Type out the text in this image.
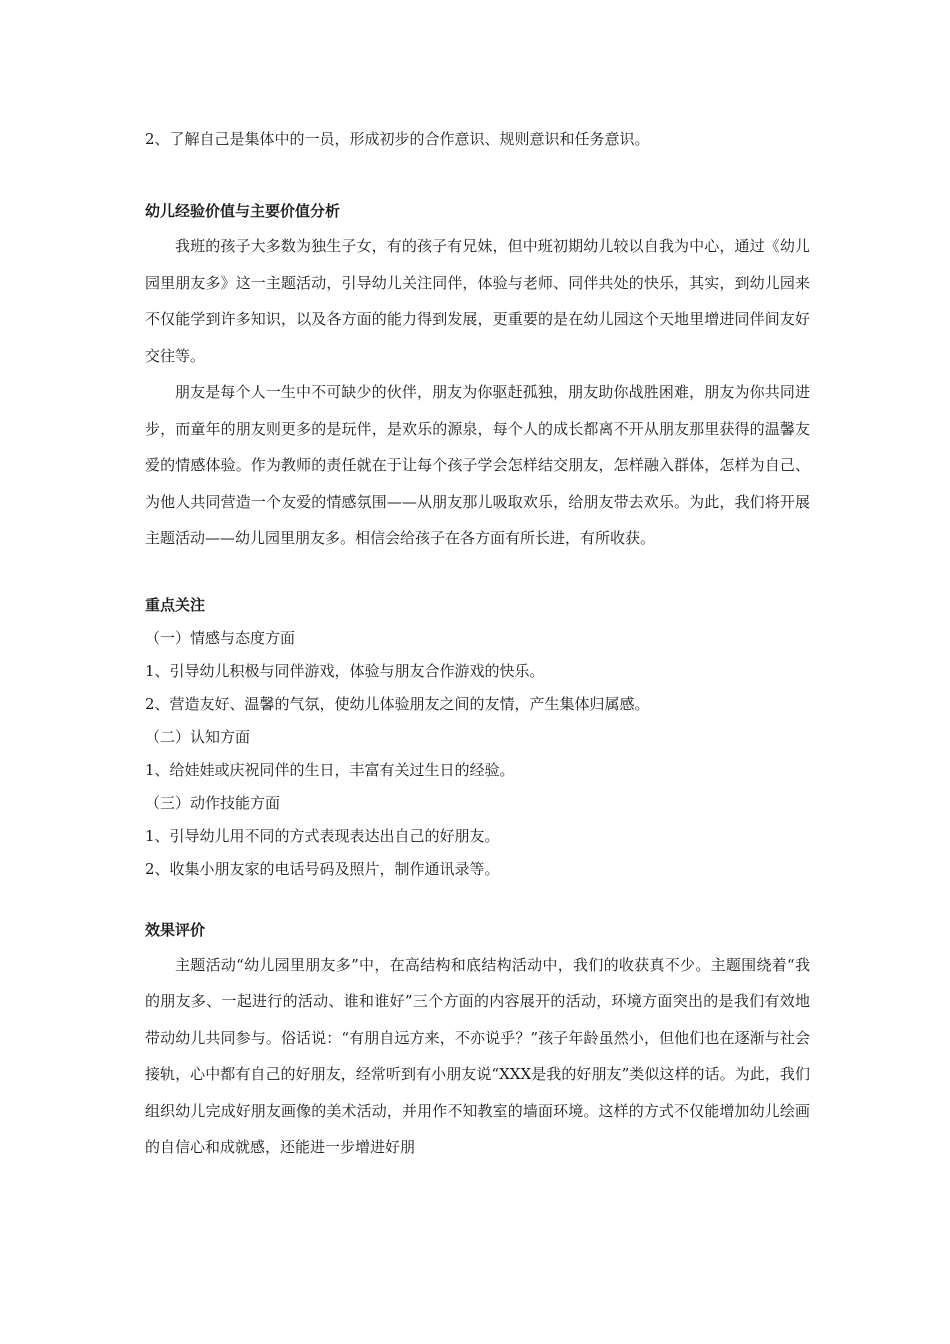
2、了解自己是集体中的一员，形成初步的合作意识、规则意识和任务意识。

幼儿经验价值与主要价值分析

我班的孩子大多数为独生子女，有的孩子有兄妹，但中班初期幼儿较以自我为中心，通过《幼儿园里朋友多》这一主题活动，引导幼儿关注同伴，体验与老师、同伴共处的快乐，其实，到幼儿园来不仅能学到许多知识，以及各方面的能力得到发展，更重要的是在幼儿园这个天地里增进同伴间友好交往等。

朋友是每个人一生中不可缺少的伙伴，朋友为你驱赶孤独，朋友助你战胜困难，朋友为你共同进步，而童年的朋友则更多的是玩伴，是欢乐的源泉，每个人的成长都离不开从朋友那里获得的温馨友爱的情感体验。作为教师的责任就在于让每个孩子学会怎样结交朋友，怎样融入群体，怎样为自己、为他人共同营造一个友爱的情感氛围——从朋友那儿吸取欢乐，给朋友带去欢乐。为此，我们将开展主题活动——幼儿园里朋友多。相信会给孩子在各方面有所长进，有所收获。

重点关注

（一）情感与态度方面

1、引导幼儿积极与同伴游戏，体验与朋友合作游戏的快乐。

2、营造友好、温馨的气氛，使幼儿体验朋友之间的友情，产生集体归属感。

（二）认知方面

1、给娃娃或庆祝同伴的生日，丰富有关过生日的经验。

（三）动作技能方面

1、引导幼儿用不同的方式表现表达出自己的好朋友。

2、收集小朋友家的电话号码及照片，制作通讯录等。

效果评价

主题活动“幼儿园里朋友多”中，在高结构和底结构活动中，我们的收获真不少。主题围绕着“我的朋友多、一起进行的活动、谁和谁好”三个方面的内容展开的活动，环境方面突出的是我们有效地带动幼儿共同参与。俗话说：“有朋自远方来，不亦说乎？”孩子年龄虽然小，但他们也在逐渐与社会接轨，心中都有自己的好朋友，经常听到有小朋友说“XXX是我的好朋友”类似这样的话。为此，我们组织幼儿完成好朋友画像的美术活动，并用作不知教室的墙面环境。这样的方式不仅能增加幼儿绘画的自信心和成就感，还能进一步增进好朋
